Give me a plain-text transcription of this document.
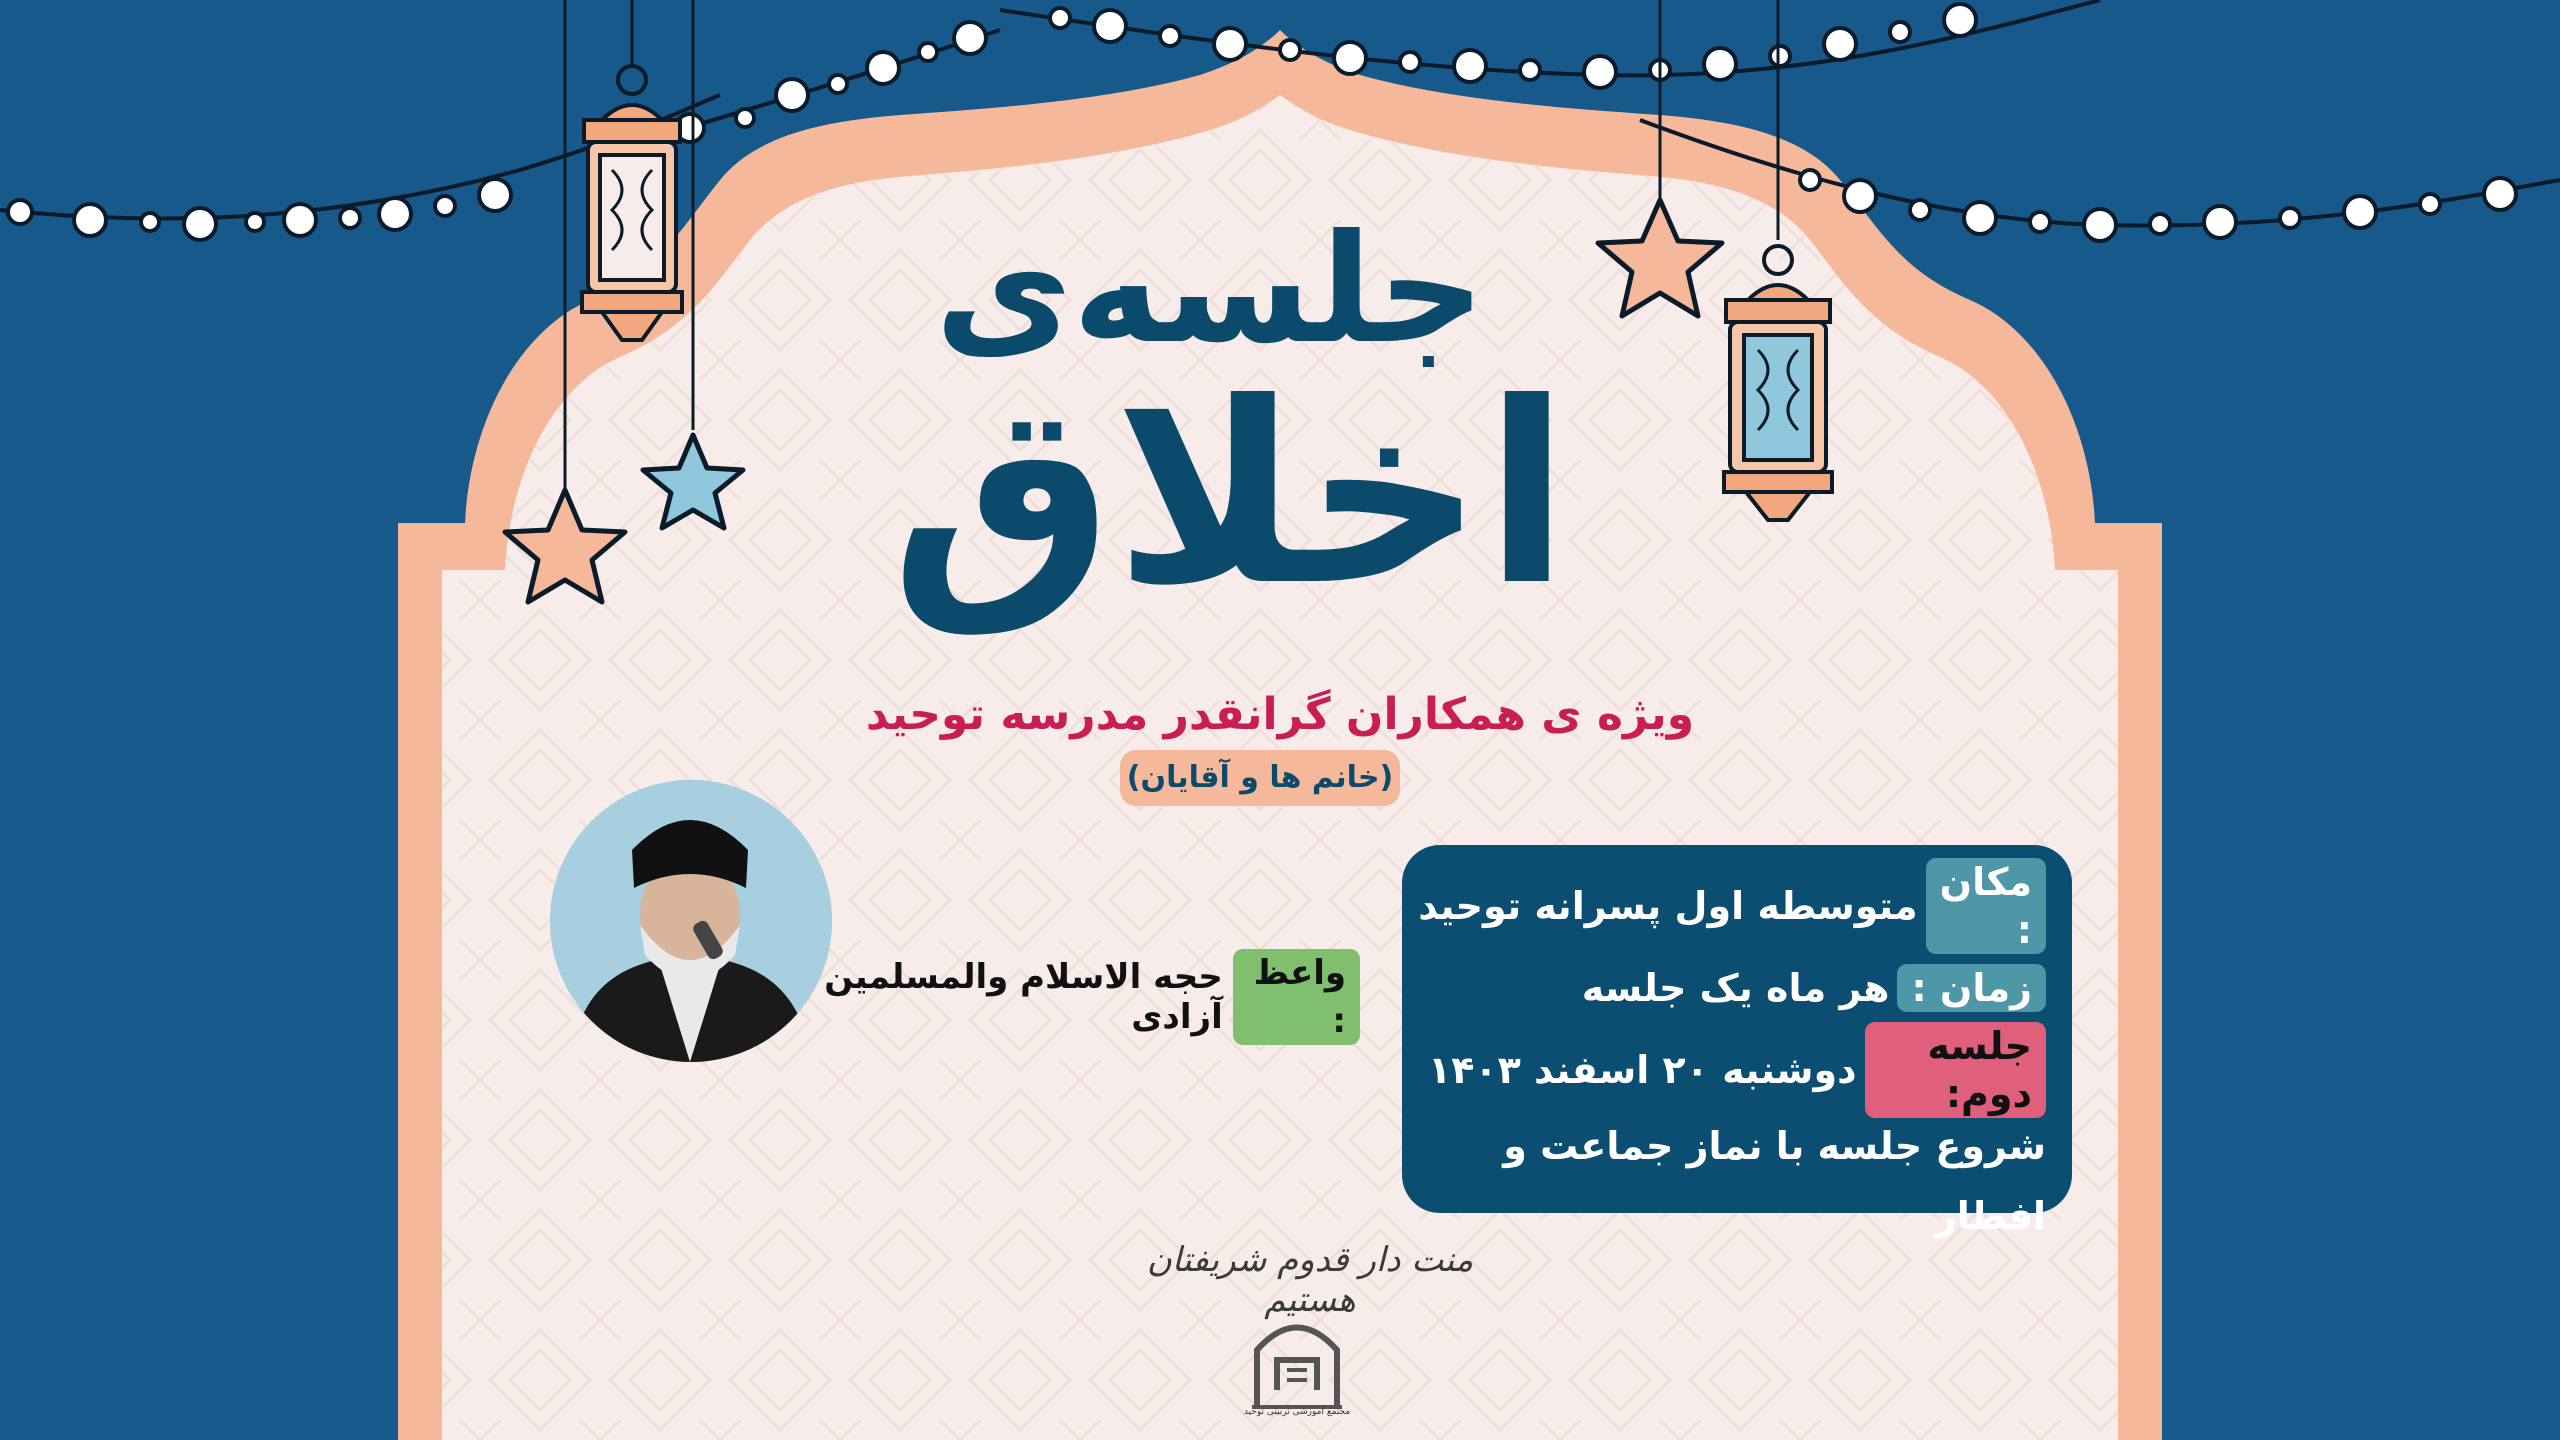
جلسه‌ی
اخلاق
ویژه ی همکاران گرانقدر مدرسه توحید
(خانم ها و آقایان)
واعظ :
حجه الاسلام والمسلمین آزادی
مکان :
متوسطه اول پسرانه توحید
زمان :
هر ماه یک جلسه
جلسه دوم:
دوشنبه ۲۰ اسفند ۱۴۰۳
شروع جلسه با نماز جماعت و افطار
منت دار قدوم شریفتان هستیم
مجتمع آموزشی تربیتی توحید
